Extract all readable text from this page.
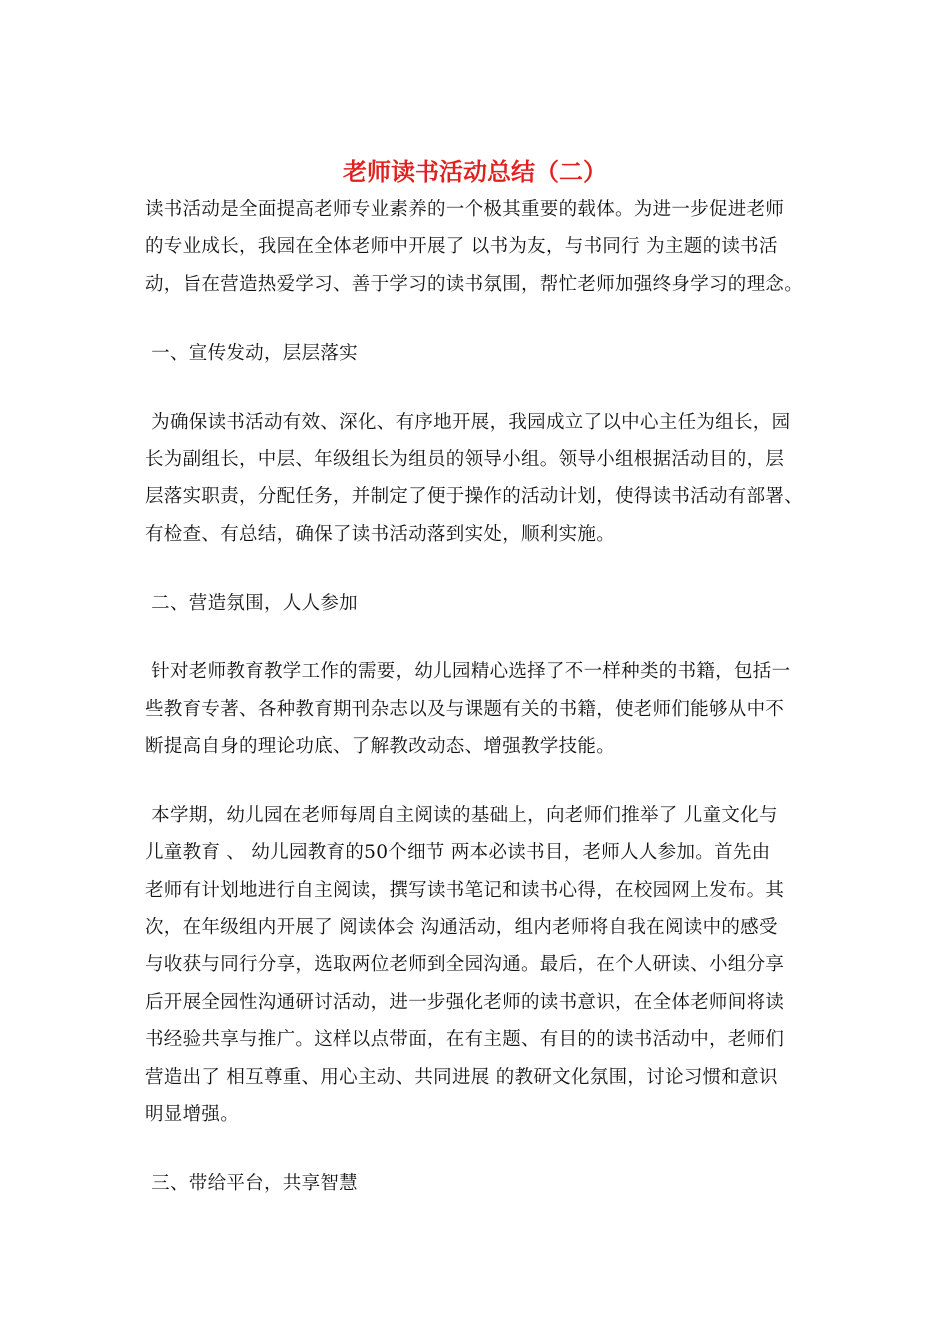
老师读书活动总结（二）
读书活动是全面提高老师专业素养的一个极其重要的载体。为进一步促进老师
的专业成长，我园在全体老师中开展了 以书为友，与书同行 为主题的读书活
动，旨在营造热爱学习、善于学习的读书氛围，帮忙老师加强终身学习的理念。
一、宣传发动，层层落实
为确保读书活动有效、深化、有序地开展，我园成立了以中心主任为组长，园
长为副组长，中层、年级组长为组员的领导小组。领导小组根据活动目的，层
层落实职责，分配任务，并制定了便于操作的活动计划，使得读书活动有部署、
有检查、有总结，确保了读书活动落到实处，顺利实施。
二、营造氛围，人人参加
针对老师教育教学工作的需要，幼儿园精心选择了不一样种类的书籍，包括一
些教育专著、各种教育期刊杂志以及与课题有关的书籍，使老师们能够从中不
断提高自身的理论功底、了解教改动态、增强教学技能。
本学期，幼儿园在老师每周自主阅读的基础上，向老师们推举了 儿童文化与
儿童教育 、 幼儿园教育的50个细节 两本必读书目，老师人人参加。首先由
老师有计划地进行自主阅读，撰写读书笔记和读书心得，在校园网上发布。其
次，在年级组内开展了 阅读体会 沟通活动，组内老师将自我在阅读中的感受
与收获与同行分享，选取两位老师到全园沟通。最后，在个人研读、小组分享
后开展全园性沟通研讨活动，进一步强化老师的读书意识，在全体老师间将读
书经验共享与推广。这样以点带面，在有主题、有目的的读书活动中，老师们
营造出了 相互尊重、用心主动、共同进展 的教研文化氛围，讨论习惯和意识
明显增强。
三、带给平台，共享智慧
